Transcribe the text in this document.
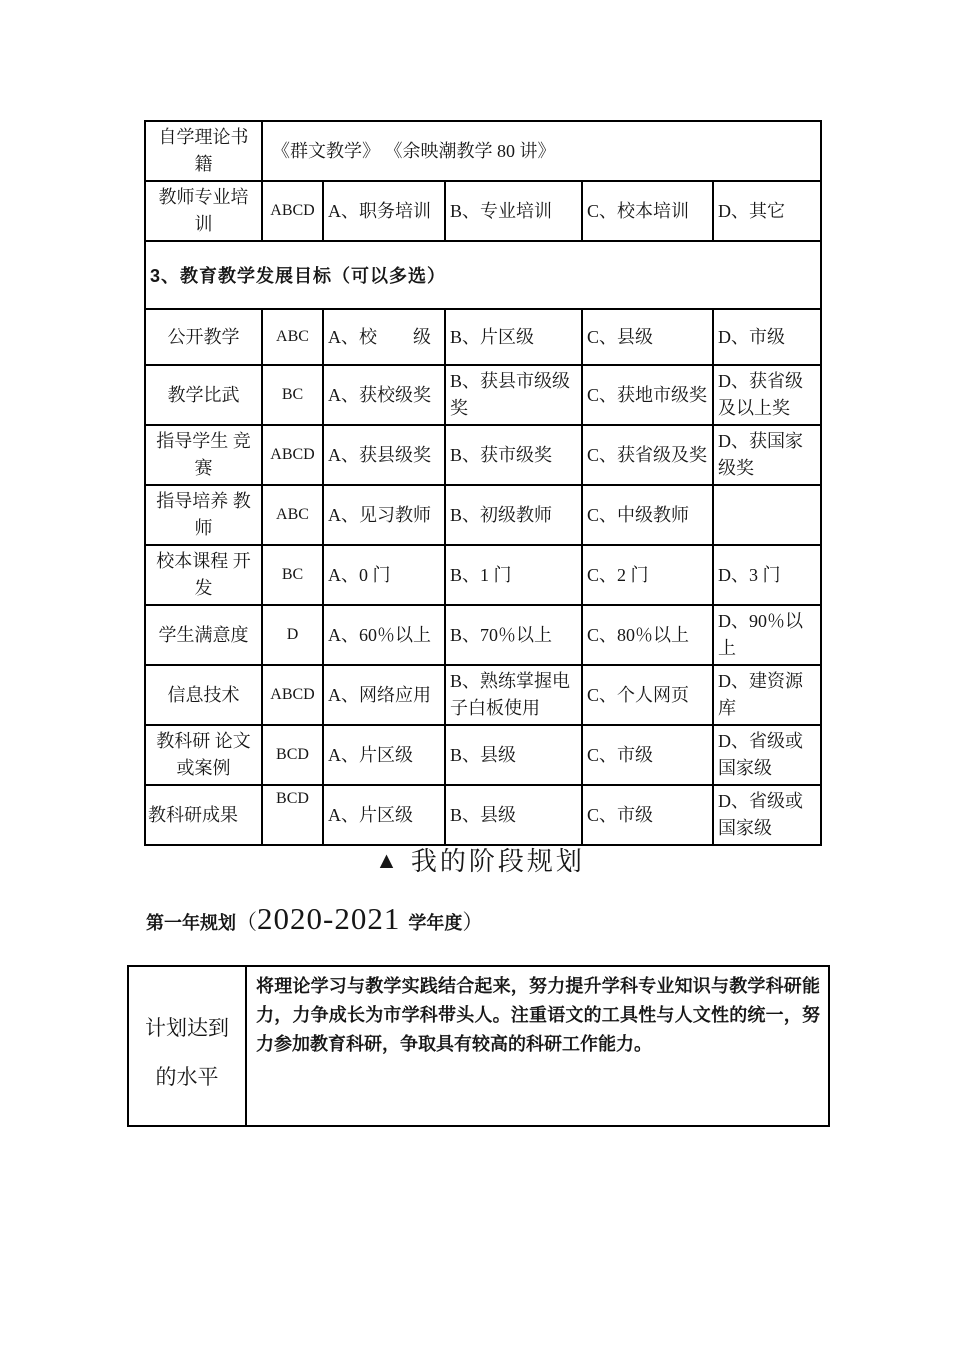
自学理论书籍	《群文教学》 《余映潮教学 80 讲》				
教师专业培训	ABCD	A、职务培训	B、专业培训	C、校本培训	D、其它
3、教育教学发展目标（可以多选）					
公开教学	ABC	A、校　　级	B、片区级	C、县级	D、市级
教学比武	BC	A、获校级奖	B、获县市级级奖	C、获地市级奖	D、获省级及以上奖
指导学生 竞赛	ABCD	A、获县级奖	B、获市级奖	C、获省级及奖	D、获国家级奖
指导培养 教师	ABC	A、见习教师	B、初级教师	C、中级教师	
校本课程 开发	BC	A、0 门	B、1 门	C、2 门	D、3 门
学生满意度	D	A、60％以上	B、70％以上	C、80％以上	D、90％以上
信息技术	ABCD	A、网络应用	B、熟练掌握电子白板使用	C、个人网页	D、建资源库
教科研 论文或案例	BCD	A、片区级	B、县级	C、市级	D、省级或国家级
教科研成果	BCD	A、片区级	B、县级	C、市级	D、省级或国家级
▲ 我的阶段规划
第一年规划（2020-2021 学年度）
计划达到
的水平
	将理论学习与教学实践结合起来，努力提升学科专业知识与教学科研能力，力争成长为市学科带头人。注重语文的工具性与人文性的统一，努力参加教育科研，争取具有较高的科研工作能力。
